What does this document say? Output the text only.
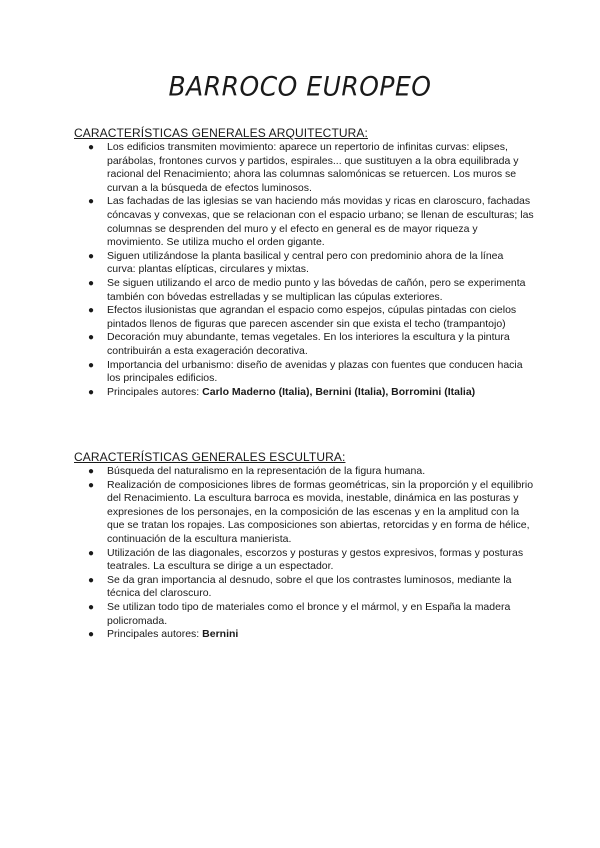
BARROCO EUROPEO
CARACTERÍSTICAS GENERALES ARQUITECTURA:
● Los edificios transmiten movimiento: aparece un repertorio de infinitas curvas: elipses, parábolas, frontones curvos y partidos, espirales... que sustituyen a la obra equilibrada y racional del Renacimiento; ahora las columnas salomónicas se retuercen. Los muros se curvan a la búsqueda de efectos luminosos.
● Las fachadas de las iglesias se van haciendo más movidas y ricas en claroscuro, fachadas cóncavas y convexas, que se relacionan con el espacio urbano; se llenan de esculturas; las columnas se desprenden del muro y el efecto en general es de mayor riqueza y movimiento. Se utiliza mucho el orden gigante.
● Siguen utilizándose la planta basilical y central pero con predominio ahora de la línea curva: plantas elípticas, circulares y mixtas.
● Se siguen utilizando el arco de medio punto y las bóvedas de cañón, pero se experimenta también con bóvedas estrelladas y se multiplican las cúpulas exteriores.
● Efectos ilusionistas que agrandan el espacio como espejos, cúpulas pintadas con cielos pintados llenos de figuras que parecen ascender sin que exista el techo (trampantojo)
● Decoración muy abundante, temas vegetales. En los interiores la escultura y la pintura contribuirán a esta exageración decorativa.
● Importancia del urbanismo: diseño de avenidas y plazas con fuentes que conducen hacia los principales edificios.
● Principales autores: Carlo Maderno (Italia), Bernini (Italia), Borromini (Italia)
CARACTERÍSTICAS GENERALES ESCULTURA:
● Búsqueda del naturalismo en la representación de la figura humana.
● Realización de composiciones libres de formas geométricas, sin la proporción y el equilibrio del Renacimiento. La escultura barroca es movida, inestable, dinámica en las posturas y expresiones de los personajes, en la composición de las escenas y en la amplitud con la que se tratan los ropajes. Las composiciones son abiertas, retorcidas y en forma de hélice, continuación de la escultura manierista.
● Utilización de las diagonales, escorzos y posturas y gestos expresivos, formas y posturas teatrales. La escultura se dirige a un espectador.
● Se da gran importancia al desnudo, sobre el que los contrastes luminosos, mediante la técnica del claroscuro.
● Se utilizan todo tipo de materiales como el bronce y el mármol, y en España la madera policromada.
● Principales autores: Bernini
